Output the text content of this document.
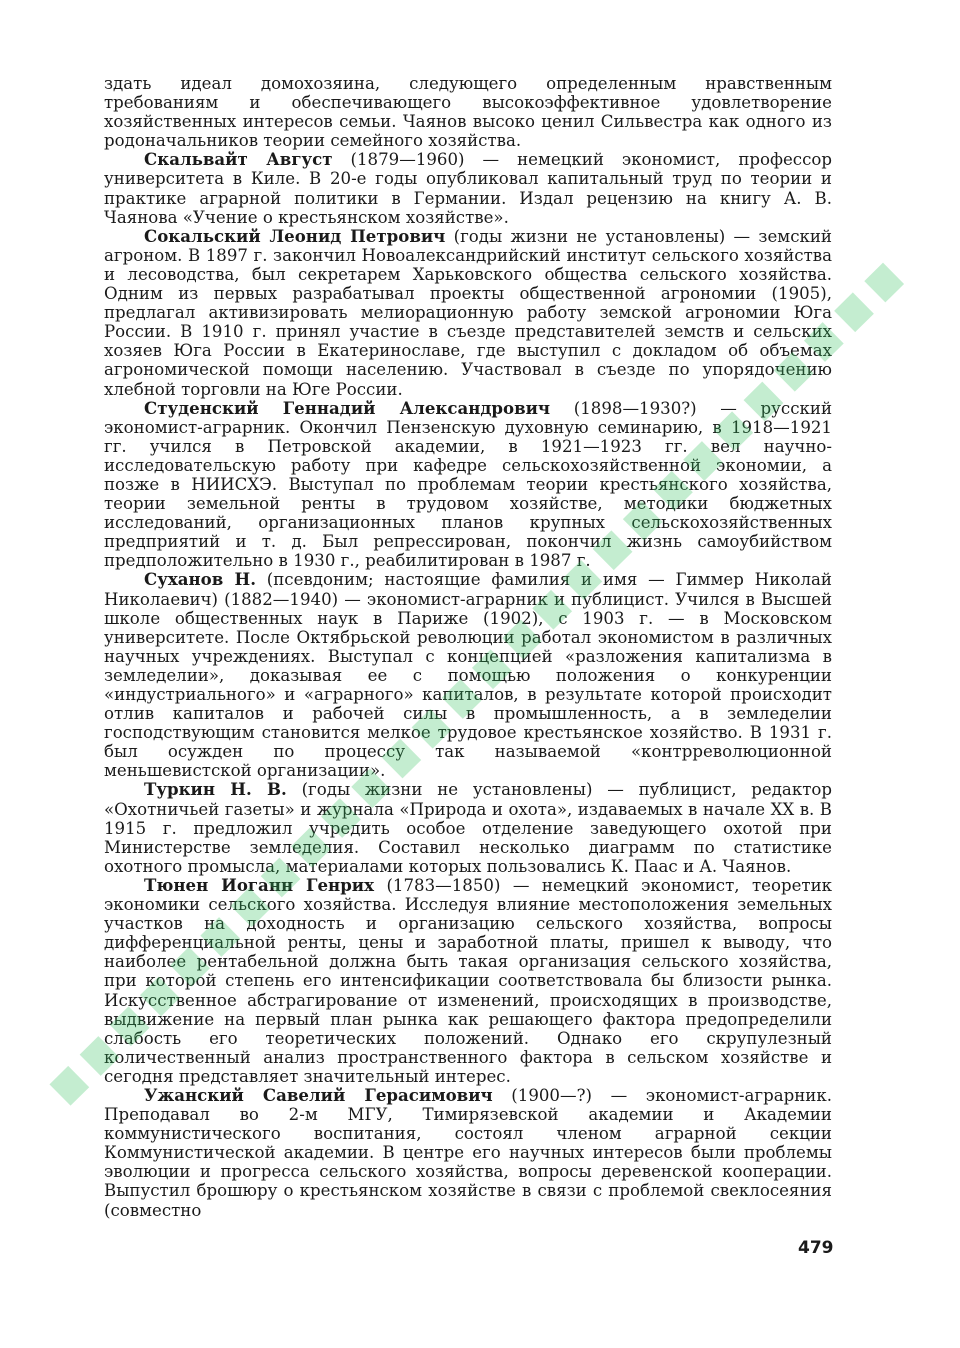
здать идеал домохозяина, следующего определенным нравственным требованиям и обеспечивающего высокоэффективное удовлетворение хозяйственных интересов семьи. Чаянов высоко ценил Сильвестра как одного из родоначальников теории семейного хозяйства.

Скальвайт Август (1879—1960) — немецкий экономист, профессор университета в Киле. В 20-е годы опубликовал капитальный труд по теории и практике аграрной политики в Германии. Издал рецензию на книгу А. В. Чаянова «Учение о крестьянском хозяйстве».

Сокальский Леонид Петрович (годы жизни не установлены) — земский агроном. В 1897 г. закончил Новоалександрийский институт сельского хозяйства и лесоводства, был секретарем Харьковского общества сельского хозяйства. Одним из первых разрабатывал проекты общественной агрономии (1905), предлагал активизировать мелиорационную работу земской агрономии Юга России. В 1910 г. принял участие в съезде представителей земств и сельских хозяев Юга России в Екатеринославе, где выступил с докладом об объемах агрономической помощи населению. Участвовал в съезде по упорядочению хлебной торговли на Юге России.

Студенский Геннадий Александрович (1898—1930?) — русский экономист-аграрник. Окончил Пензенскую духовную семинарию, в 1918—1921 гг. учился в Петровской академии, в 1921—1923 гг. вел научно-исследовательскую работу при кафедре сельскохозяйственной экономии, а позже в НИИСХЭ. Выступал по проблемам теории крестьянского хозяйства, теории земельной ренты в трудовом хозяйстве, методики бюджетных исследований, организационных планов крупных сельскохозяйственных предприятий и т. д. Был репрессирован, покончил жизнь самоубийством предположительно в 1930 г., реабилитирован в 1987 г.

Суханов Н. (псевдоним; настоящие фамилия и имя — Гиммер Николай Николаевич) (1882—1940) — экономист-аграрник и публицист. Учился в Высшей школе общественных наук в Париже (1902), с 1903 г. — в Московском университете. После Октябрьской революции работал экономистом в различных научных учреждениях. Выступал с концепцией «разложения капитализма в земледелии», доказывая ее с помощью положения о конкуренции «индустриального» и «аграрного» капиталов, в результате которой происходит отлив капиталов и рабочей силы в промышленность, а в земледелии господствующим становится мелкое трудовое крестьянское хозяйство. В 1931 г. был осужден по процессу так называемой «контрреволюционной меньшевистской организации».

Туркин Н. В. (годы жизни не установлены) — публицист, редактор «Охотничьей газеты» и журнала «Природа и охота», издаваемых в начале XX в. В 1915 г. предложил учредить особое отделение заведующего охотой при Министерстве земледелия. Составил несколько диаграмм по статистике охотного промысла, материалами которых пользовались К. Паас и А. Чаянов.

Тюнен Иоганн Генрих (1783—1850) — немецкий экономист, теоретик экономики сельского хозяйства. Исследуя влияние местоположения земельных участков на доходность и организацию сельского хозяйства, вопросы дифференциальной ренты, цены и заработной платы, пришел к выводу, что наиболее рентабельной должна быть такая организация сельского хозяйства, при которой степень его интенсификации соответствовала бы близости рынка. Искусственное абстрагирование от изменений, происходящих в производстве, выдвижение на первый план рынка как решающего фактора предопределили слабость его теоретических положений. Однако его скрупулезный количественный анализ пространственного фактора в сельском хозяйстве и сегодня представляет значительный интерес.

Ужанский Савелий Герасимович (1900—?) — экономист-аграрник. Преподавал во 2-м МГУ, Тимирязевской академии и Академии коммунистического воспитания, состоял членом аграрной секции Коммунистической академии. В центре его научных интересов были проблемы эволюции и прогресса сельского хозяйства, вопросы деревенской кооперации. Выпустил брошюру о крестьянском хозяйстве в связи с проблемой свеклосеяния (совместно

479
